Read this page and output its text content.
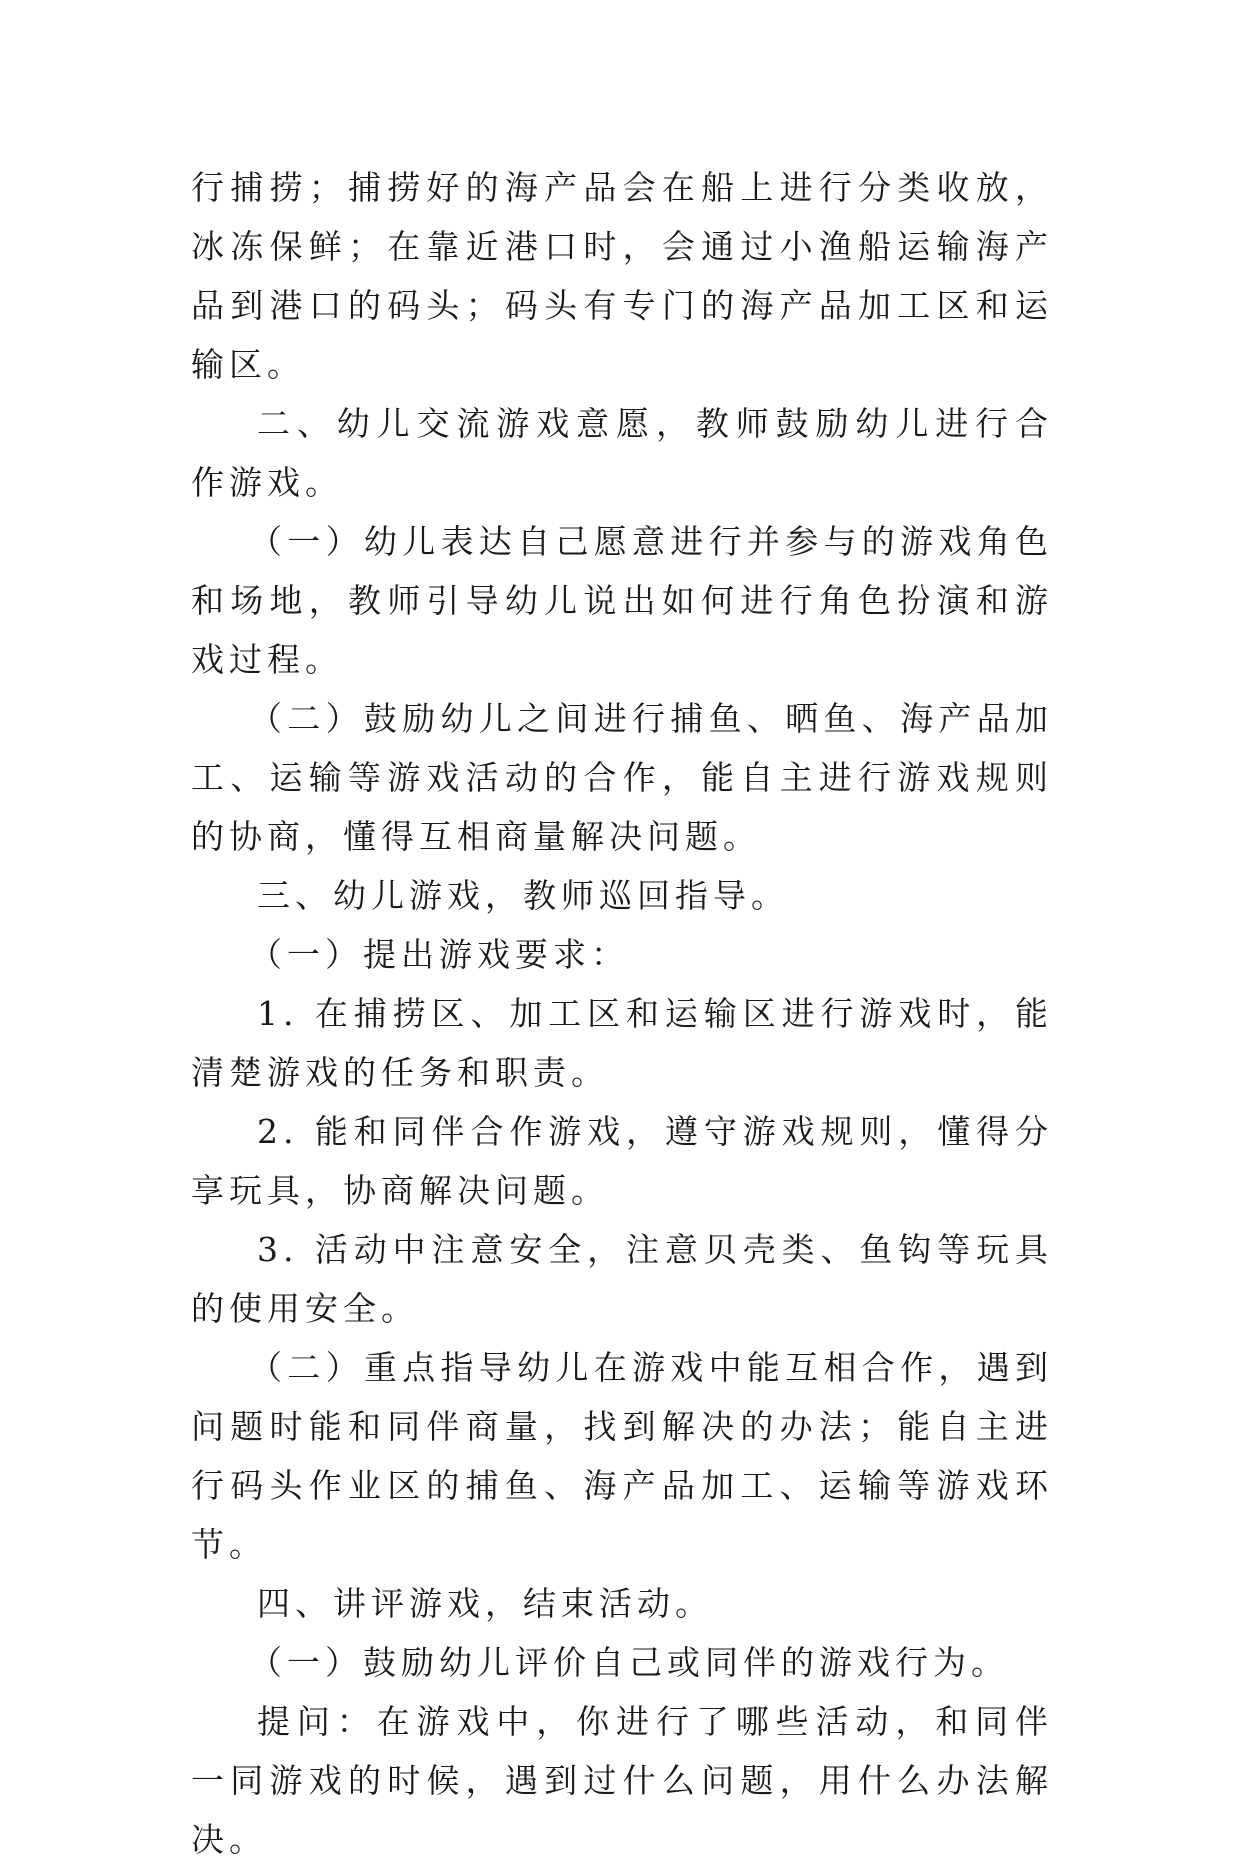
行捕捞；捕捞好的海产品会在船上进行分类收放，冰冻保鲜；在靠近港口时，会通过小渔船运输海产品到港口的码头；码头有专门的海产品加工区和运输区。

二、幼儿交流游戏意愿，教师鼓励幼儿进行合作游戏。

（一）幼儿表达自己愿意进行并参与的游戏角色和场地，教师引导幼儿说出如何进行角色扮演和游戏过程。

（二）鼓励幼儿之间进行捕鱼、晒鱼、海产品加工、运输等游戏活动的合作，能自主进行游戏规则的协商，懂得互相商量解决问题。

三、幼儿游戏，教师巡回指导。

（一）提出游戏要求：

1. 在捕捞区、加工区和运输区进行游戏时，能清楚游戏的任务和职责。

2. 能和同伴合作游戏，遵守游戏规则，懂得分享玩具，协商解决问题。

3. 活动中注意安全，注意贝壳类、鱼钩等玩具的使用安全。

（二）重点指导幼儿在游戏中能互相合作，遇到问题时能和同伴商量，找到解决的办法；能自主进行码头作业区的捕鱼、海产品加工、运输等游戏环节。

四、讲评游戏，结束活动。

（一）鼓励幼儿评价自己或同伴的游戏行为。

提问：在游戏中，你进行了哪些活动，和同伴一同游戏的时候，遇到过什么问题，用什么办法解决。
